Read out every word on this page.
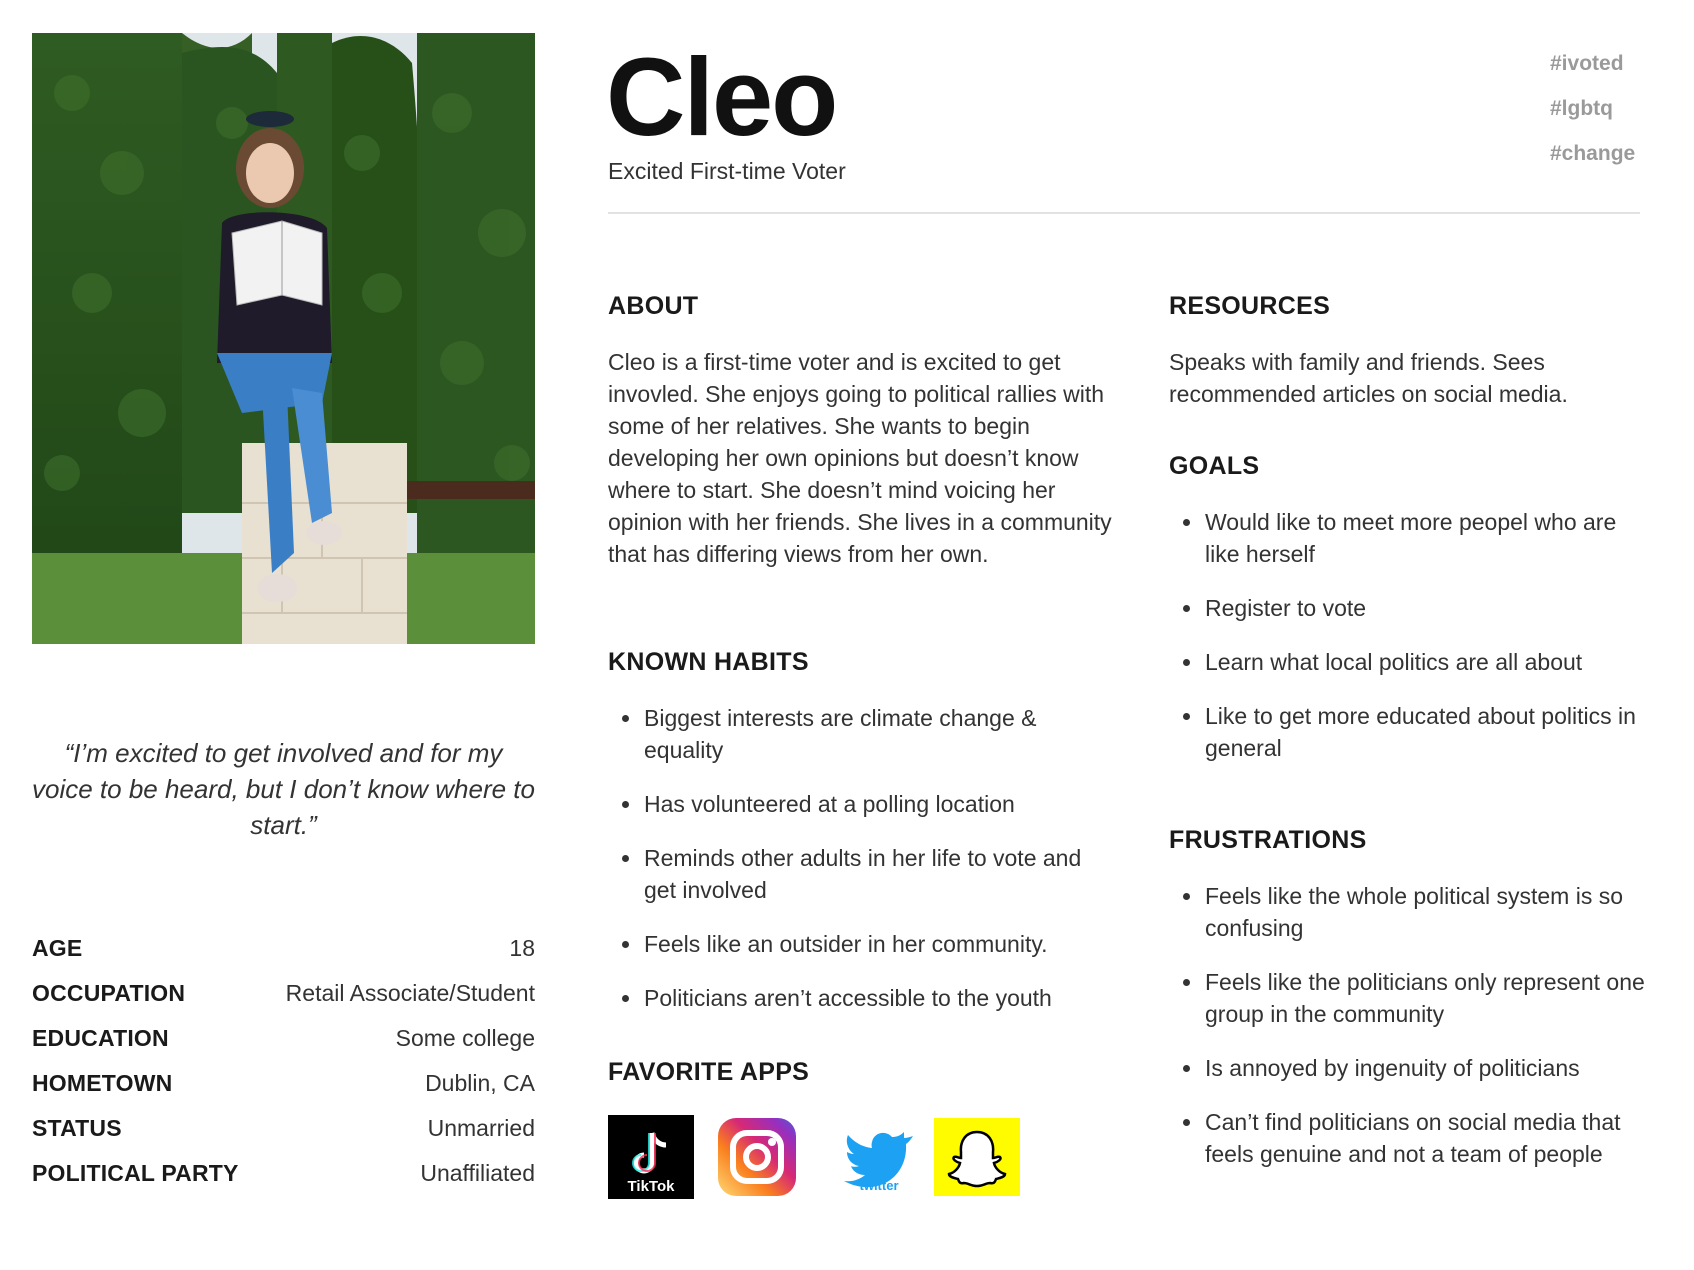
“I’m excited to get involved and for my voice to be heard, but I don’t know where to start.”
AGE	18
OCCUPATION	Retail Associate/Student
EDUCATION	Some college
HOMETOWN	Dublin, CA
STATUS	Unmarried
POLITICAL PARTY	Unaffiliated
Cleo
Excited First-time Voter
#ivoted
#lgbtq
#change
ABOUT
Cleo is a first-time voter and is excited to get invovled. She enjoys going to political rallies with some of her relatives. She wants to begin developing her own opinions but doesn’t know where to start. She doesn’t mind voicing her opinion with her friends. She lives in a community that has differing views from her own.
KNOWN HABITS
Biggest interests are climate change & equality
Has volunteered at a polling location
Reminds other adults in her life to vote and get involved
Feels like an outsider in her community.
Politicians aren’t accessible to the youth
FAVORITE APPS
TikTok	twitter
RESOURCES
Speaks with family and friends. Sees recommended articles on social media.
GOALS
Would like to meet more peopel who are like herself
Register to vote
Learn what local politics are all about
Like to get more educated about politics in general
FRUSTRATIONS
Feels like the whole political system is so confusing
Feels like the politicians only represent one group in the community
Is annoyed by ingenuity of politicians
Can’t find politicians on social media that feels genuine and not a team of people
